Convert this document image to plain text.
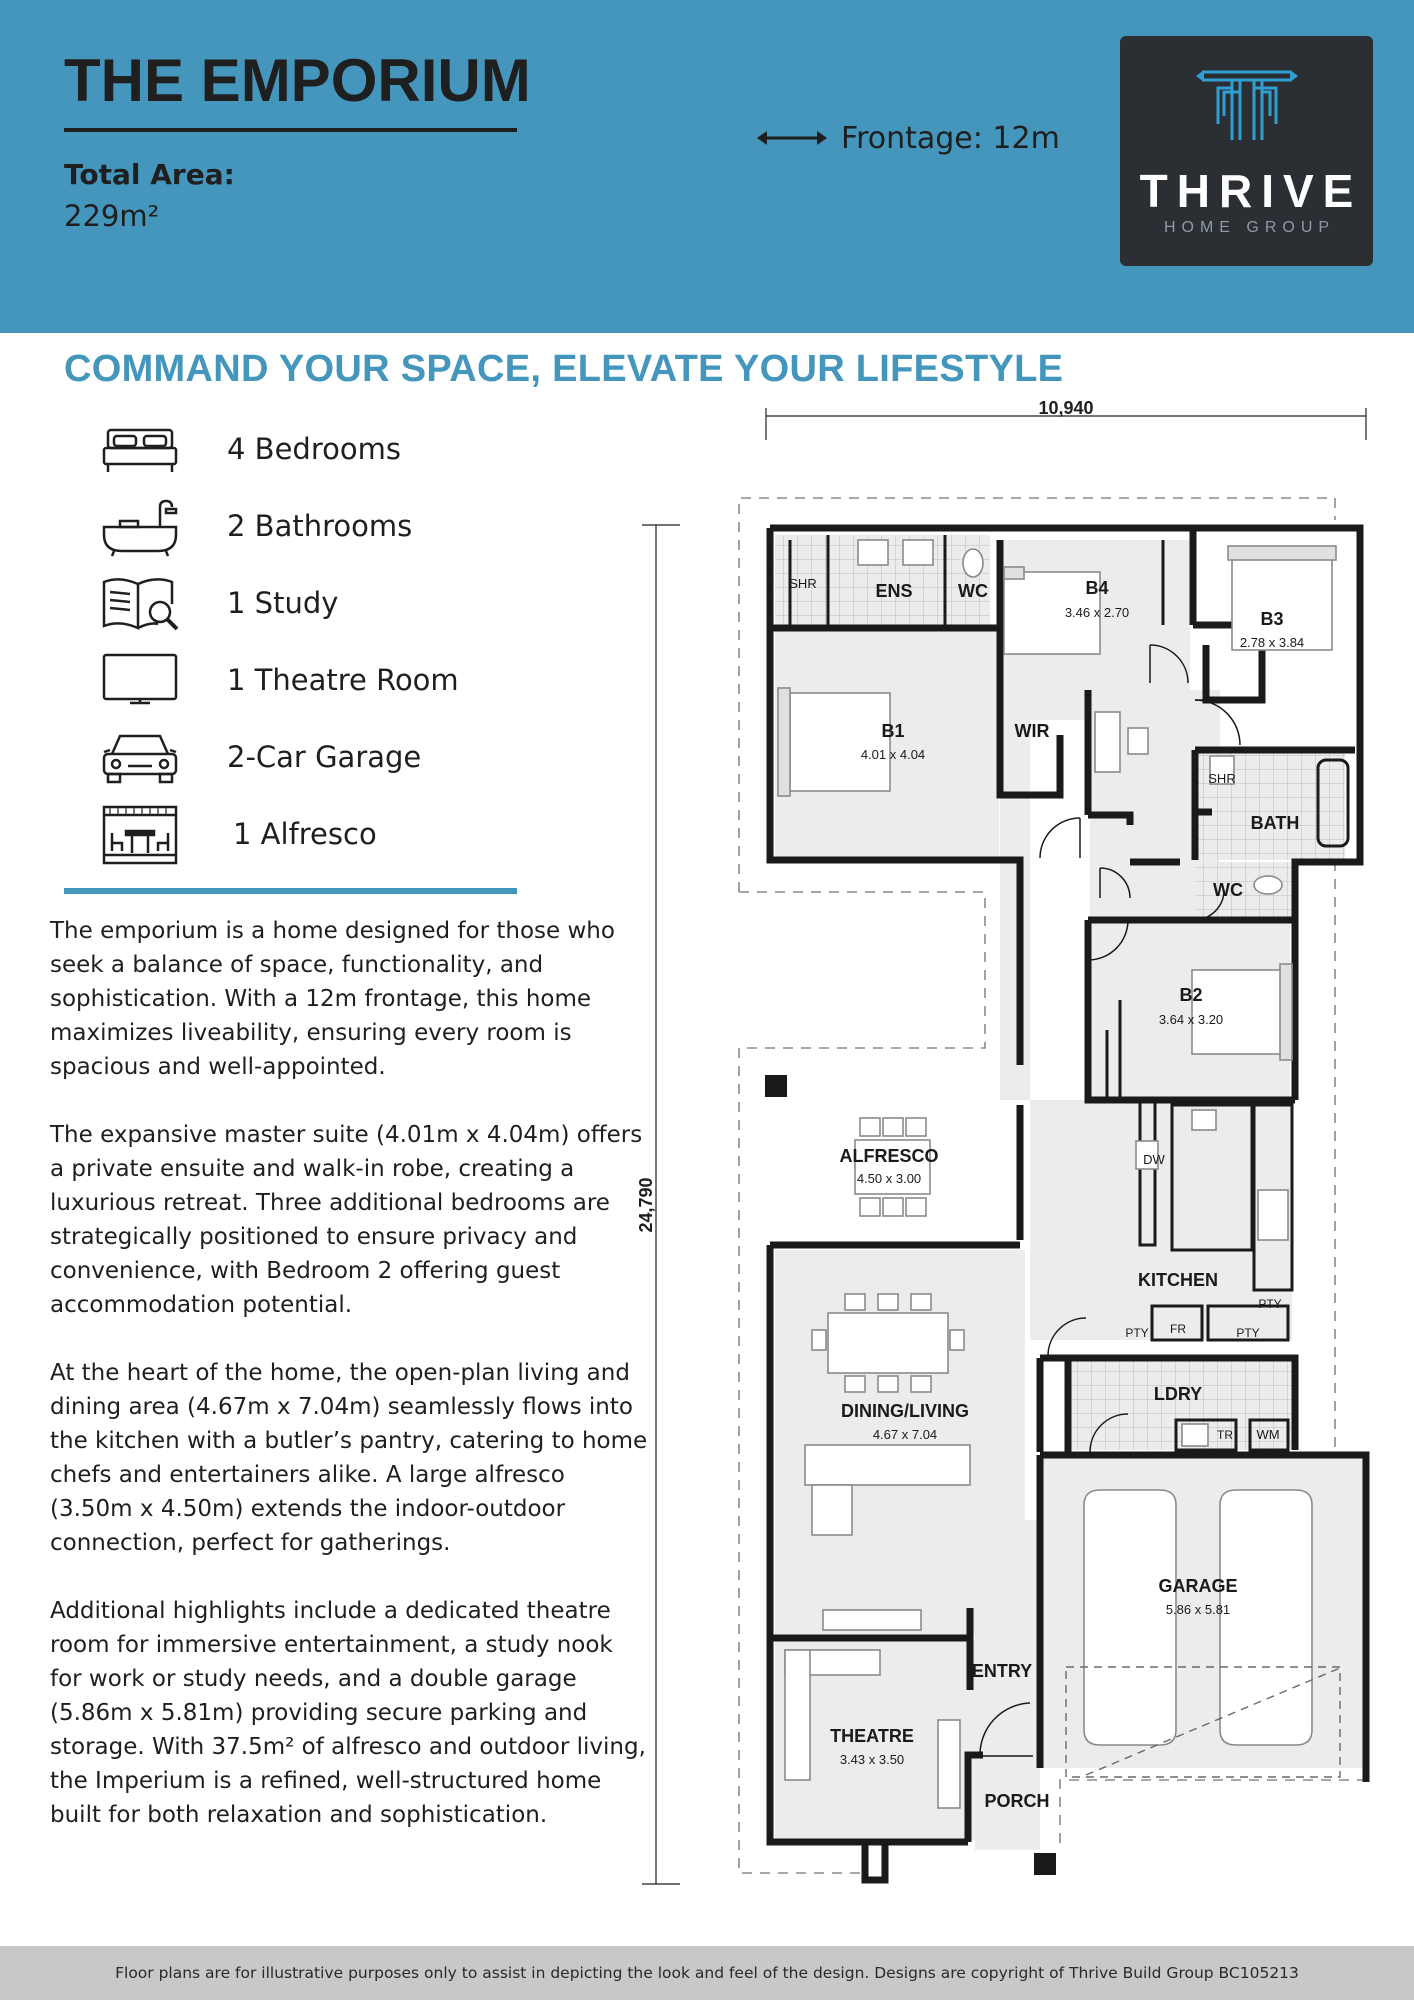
THE EMPORIUM
Total Area:
229m²
Frontage: 12m
THRIVE
HOME GROUP
COMMAND YOUR SPACE, ELEVATE YOUR LIFESTYLE
4 Bedrooms
2 Bathrooms
1 Study
1 Theatre Room
2-Car Garage
1 Alfresco

The emporium is a home designed for those who seek a balance of space, functionality, and sophistication. With a 12m frontage, this home maximizes liveability, ensuring every room is spacious and well-appointed.

The expansive master suite (4.01m x 4.04m) offers a private ensuite and walk-in robe, creating a luxurious retreat. Three additional bedrooms are strategically positioned to ensure privacy and convenience, with Bedroom 2 offering guest accommodation potential.

At the heart of the home, the open-plan living and dining area (4.67m x 7.04m) seamlessly flows into the kitchen with a butler’s pantry, catering to home chefs and entertainers alike. A large alfresco (3.50m x 4.50m) extends the indoor-outdoor connection, perfect for gatherings.

Additional highlights include a dedicated theatre room for immersive entertainment, a study nook for work or study needs, and a double garage (5.86m x 5.81m) providing secure parking and storage. With 37.5m² of alfresco and outdoor living, the Imperium is a refined, well-structured home built for both relaxation and sophistication.

10,940
24,790
SHR	ENS	WC	B4
3.46 x 2.70	B3
2.78 x 3.84
B1
4.01 x 4.04
WIR
SHR
BATH
WC
B2
3.64 x 3.20
ALFRESCO
4.50 x 3.00
DW
KITCHEN
PTY
PTY FR	PTY
LDRY
TR WM
DINING/LIVING
4.67 x 7.04
GARAGE
5.86 x 5.81
ENTRY
THEATRE
3.43 x 3.50
PORCH
Floor plans are for illustrative purposes only to assist in depicting the look and feel of the design. Designs are copyright of Thrive Build Group BC105213
